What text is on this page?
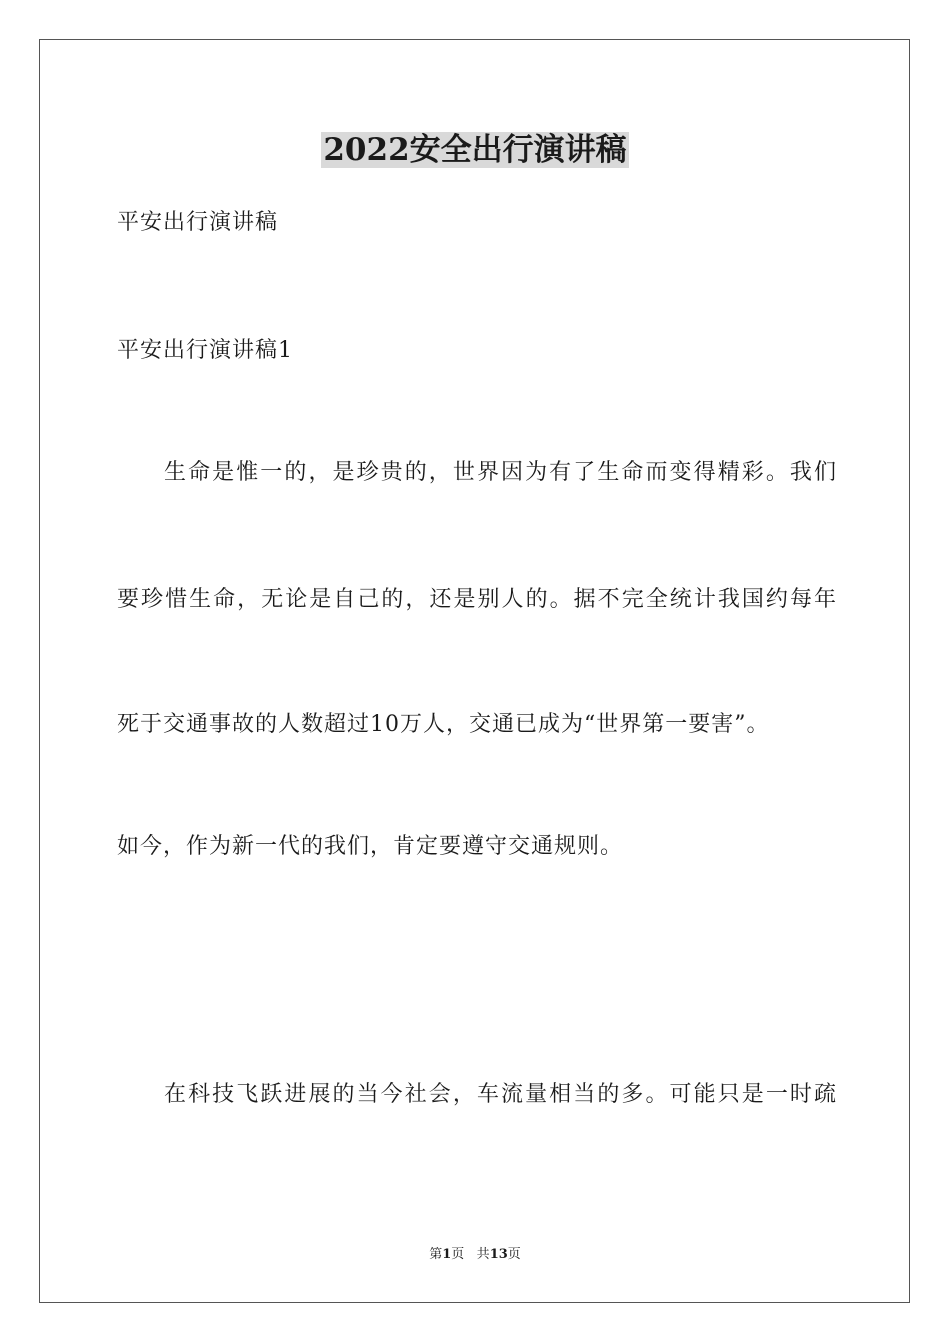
2022安全出行演讲稿

平安出行演讲稿

平安出行演讲稿1

生命是惟一的，是珍贵的，世界因为有了生命而变得精彩。我们

要珍惜生命，无论是自己的，还是别人的。据不完全统计我国约每年

死于交通事故的人数超过10万人，交通已成为“世界第一要害”。

如今，作为新一代的我们，肯定要遵守交通规则。

在科技飞跃进展的当今社会，车流量相当的多。可能只是一时疏

第1页 共13页
